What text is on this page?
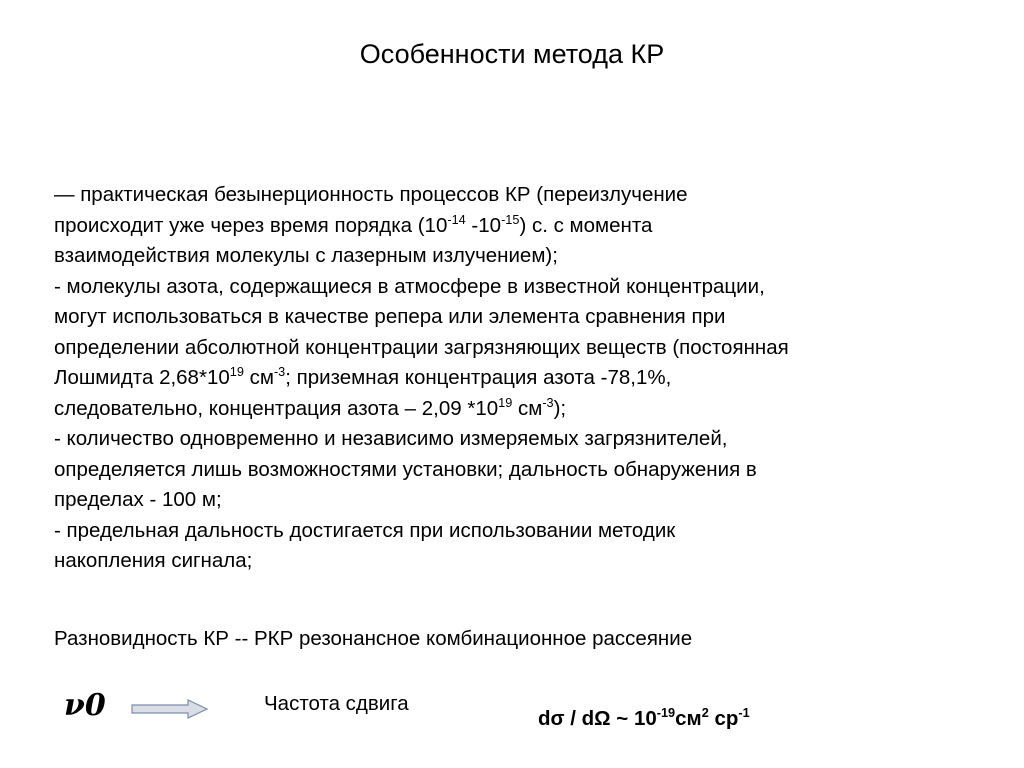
Особенности метода КР
— практическая безынерционность процессов КР (переизлучение
происходит уже через время порядка ($10^{-14}$ $-10^{-15}$) с. с момента
взаимодействия молекулы с лазерным излучением);
- молекулы азота, содержащиеся в атмосфере в известной концентрации,
могут использоваться в качестве репера или элемента сравнения при
определении абсолютной концентрации загрязняющих веществ (постоянная
Лошмидта $2,68*10^{19}$ $см^{-3}$; приземная концентрация азота -78,1%,
следовательно, концентрация азота – 2,09 $*10^{19}$ $см^{-3}$);
- количество одновременно и независимо измеряемых загрязнителей,
определяется лишь возможностями установки; дальность обнаружения в
пределах - 100 м;
- предельная дальность достигается при использовании методик
накопления сигнала;
Разновидность КР -- РКР резонансное комбинационное рассеяние
ν0	Частота сдвига
dσ / dΩ ~ $10^{-19}см^2$ $ср^{-1}$
